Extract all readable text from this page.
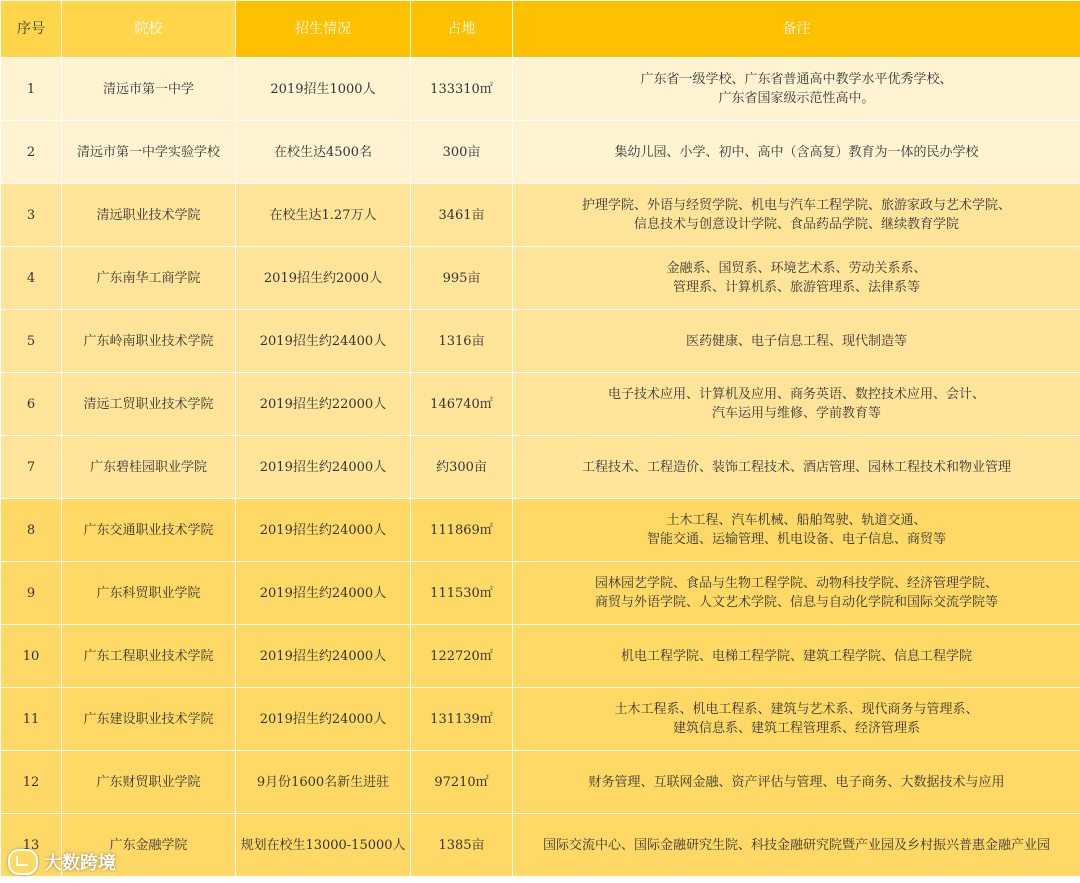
序号	院校	招生情况	占地	备注
1	清远市第一中学	2019招生1000人	133310㎡	广东省一级学校、广东省普通高中教学水平优秀学校、
广东省国家级示范性高中。
2	清远市第一中学实验学校	在校生达4500名	300亩	集幼儿园、小学、初中、高中（含高复）教育为一体的民办学校
3	清远职业技术学院	在校生达1.27万人	3461亩	护理学院、外语与经贸学院、机电与汽车工程学院、旅游家政与艺术学院、
信息技术与创意设计学院、食品药品学院、继续教育学院
4	广东南华工商学院	2019招生约2000人	995亩	金融系、国贸系、环境艺术系、劳动关系系、
管理系、计算机系、旅游管理系、法律系等
5	广东岭南职业技术学院	2019招生约24400人	1316亩	医药健康、电子信息工程、现代制造等
6	清远工贸职业技术学院	2019招生约22000人	146740㎡	电子技术应用、计算机及应用、商务英语、数控技术应用、会计、
汽车运用与维修、学前教育等
7	广东碧桂园职业学院	2019招生约24000人	约300亩	工程技术、工程造价、装饰工程技术、酒店管理、园林工程技术和物业管理
8	广东交通职业技术学院	2019招生约24000人	111869㎡	土木工程、汽车机械、船舶驾驶、轨道交通、
智能交通、运输管理、机电设备、电子信息、商贸等
9	广东科贸职业学院	2019招生约24000人	111530㎡	园林园艺学院、食品与生物工程学院、动物科技学院、经济管理学院、
商贸与外语学院、人文艺术学院、信息与自动化学院和国际交流学院等
10	广东工程职业技术学院	2019招生约24000人	122720㎡	机电工程学院、电梯工程学院、建筑工程学院、信息工程学院
11	广东建设职业技术学院	2019招生约24000人	131139㎡	土木工程系、机电工程系、建筑与艺术系、现代商务与管理系、
建筑信息系、建筑工程管理系、经济管理系
12	广东财贸职业学院	9月份1600名新生进驻	97210㎡	财务管理、互联网金融、资产评估与管理、电子商务、大数据技术与应用
13	广东金融学院	规划在校生13000-15000人	1385亩	国际交流中心、国际金融研究生院、科技金融研究院暨产业园及乡村振兴普惠金融产业园
大数跨境
